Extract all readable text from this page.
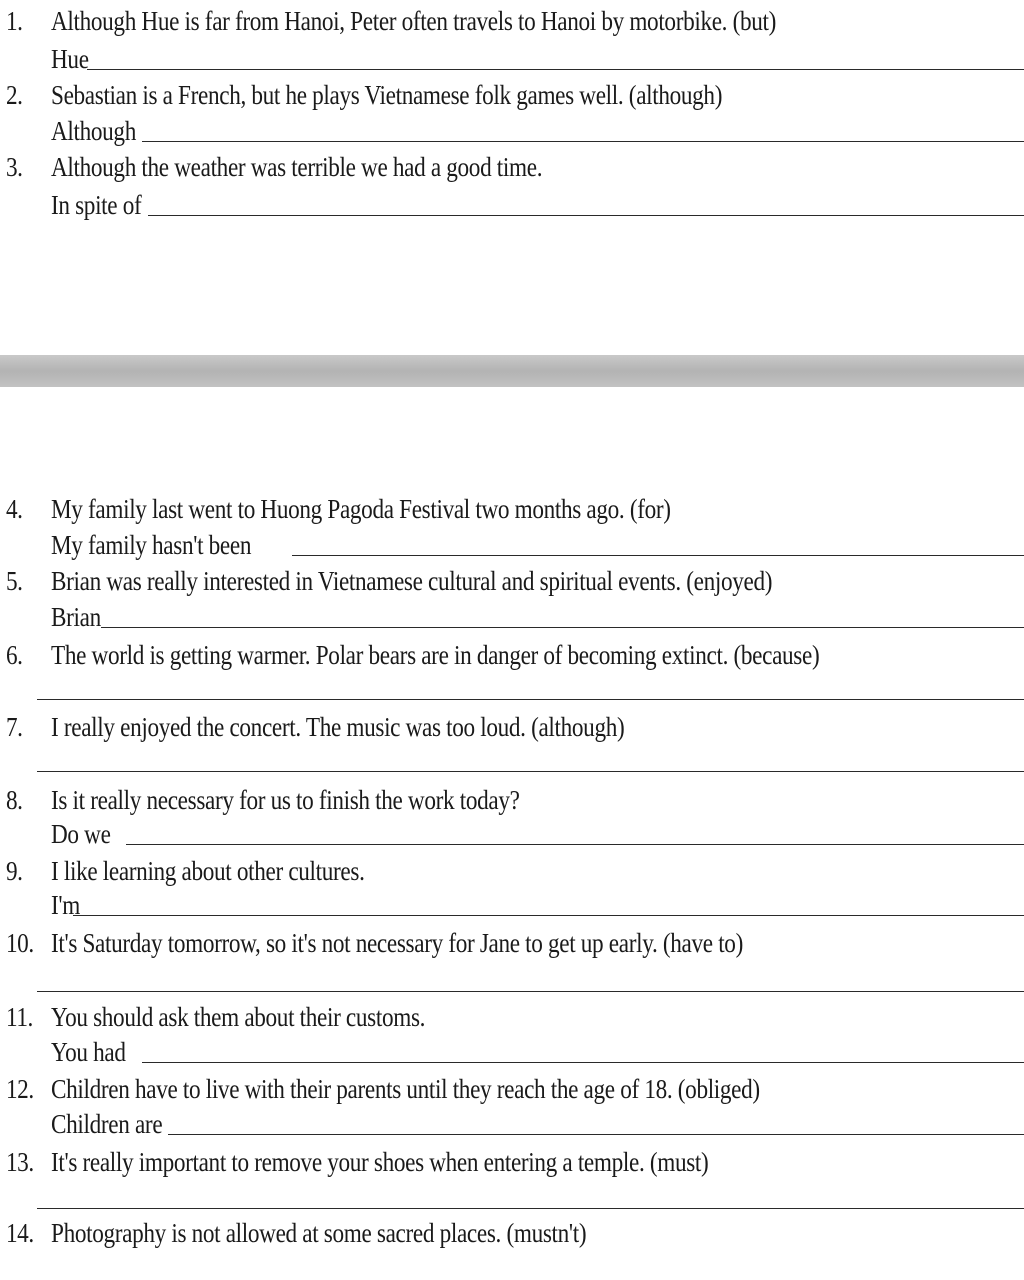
1. Although Hue is far from Hanoi, Peter often travels to Hanoi by motorbike. (but)
Hue
2. Sebastian is a French, but he plays Vietnamese folk games well. (although)
Although
3. Although the weather was terrible we had a good time.
In spite of
4. My family last went to Huong Pagoda Festival two months ago. (for)
My family hasn't been
5. Brian was really interested in Vietnamese cultural and spiritual events. (enjoyed)
Brian
6. The world is getting warmer. Polar bears are in danger of becoming extinct. (because)
7. I really enjoyed the concert. The music was too loud. (although)
8. Is it really necessary for us to finish the work today?
Do we
9. I like learning about other cultures.
I'm
10. It's Saturday tomorrow, so it's not necessary for Jane to get up early. (have to)
11. You should ask them about their customs.
You had
12. Children have to live with their parents until they reach the age of 18. (obliged)
Children are
13. It's really important to remove your shoes when entering a temple. (must)
14. Photography is not allowed at some sacred places. (mustn't)
